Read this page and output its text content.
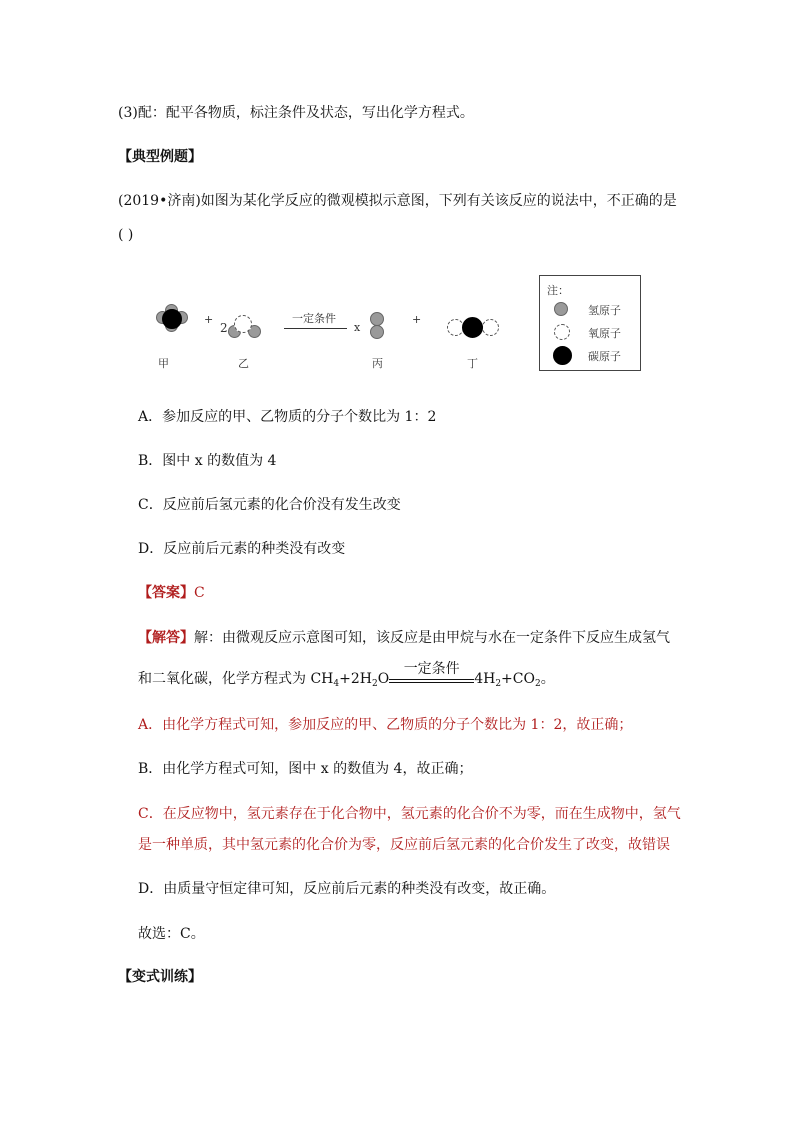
(3)配：配平各物质，标注条件及状态，写出化学方程式。
【典型例题】
(2019•济南)如图为某化学反应的微观模拟示意图，下列有关该反应的说法中，不正确的是
( )
+
2
一定条件
x
+
甲	乙	丙	丁
注：
氢原子
氧原子
碳原子
A．参加反应的甲、乙物质的分子个数比为 1：2
B．图中 x 的数值为 4
C．反应前后氢元素的化合价没有发生改变
D．反应前后元素的种类没有改变
【答案】C
【解答】解：由微观反应示意图可知，该反应是由甲烷与水在一定条件下反应生成氢气
和二氧化碳，化学方程式为 $CH_4+2H_2O$
一定条件
$4H_2+CO_2$。
A．由化学方程式可知，参加反应的甲、乙物质的分子个数比为 1：2，故正确；
B．由化学方程式可知，图中 x 的数值为 4，故正确；
C．在反应物中，氢元素存在于化合物中，氢元素的化合价不为零，而在生成物中，氢气
是一种单质，其中氢元素的化合价为零，反应前后氢元素的化合价发生了改变，故错误
D．由质量守恒定律可知，反应前后元素的种类没有改变，故正确。
故选：C。
【变式训练】
